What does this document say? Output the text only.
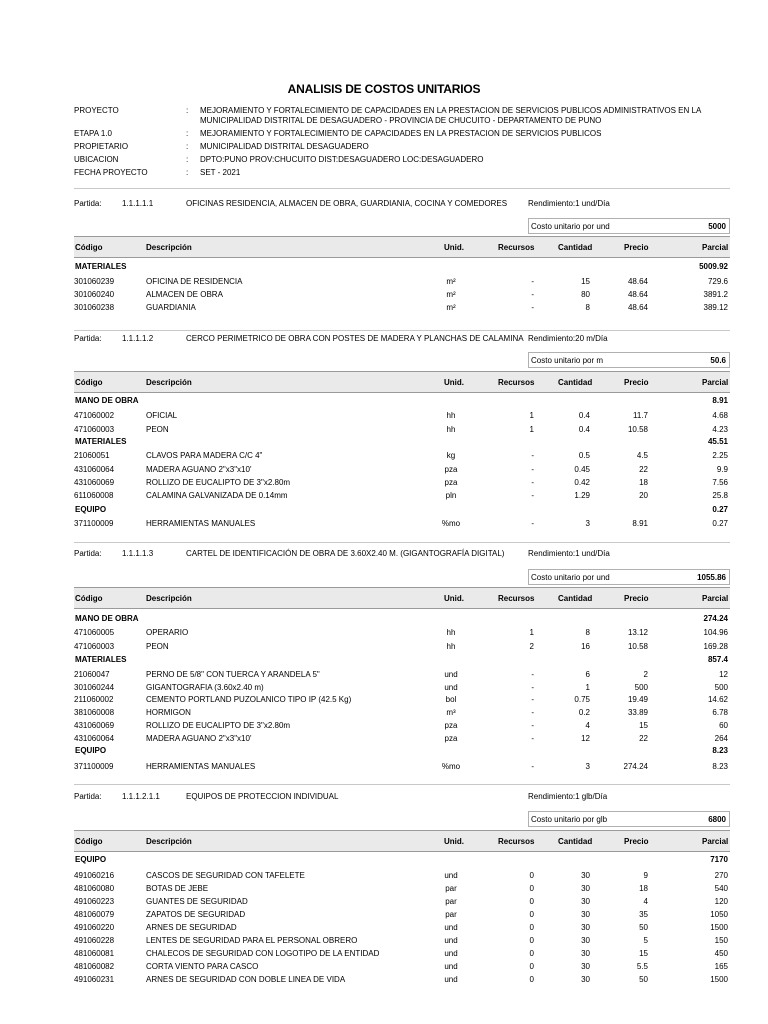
ANALISIS DE COSTOS UNITARIOS
PROYECTO	:	MEJORAMIENTO Y FORTALECIMIENTO DE CAPACIDADES EN LA PRESTACION DE SERVICIOS PUBLICOS ADMINISTRATIVOS EN LA MUNICIPALIDAD DISTRITAL DE DESAGUADERO - PROVINCIA DE CHUCUITO - DEPARTAMENTO DE PUNO
ETAPA 1.0	:	MEJORAMIENTO Y FORTALECIMIENTO DE CAPACIDADES EN LA PRESTACION DE SERVICIOS PUBLICOS
PROPIETARIO	:	MUNICIPALIDAD DISTRITAL DESAGUADERO
UBICACION	:	DPTO:PUNO PROV:CHUCUITO DIST:DESAGUADERO LOC:DESAGUADERO
FECHA PROYECTO	:	SET - 2021
Partida:	1.1.1.1.1	OFICINAS RESIDENCIA, ALMACEN DE OBRA, GUARDIANIA, COCINA Y COMEDORES	Rendimiento:1 und/Día
Costo unitario por und	5000
Código	Descripción	Unid.	Recursos	Cantidad	Precio	Parcial
MATERIALES	5009.92
301060239	OFICINA DE RESIDENCIA	m²	-	15	48.64	729.6
301060240	ALMACEN DE OBRA	m²	-	80	48.64	3891.2
301060238	GUARDIANIA	m²	-	8	48.64	389.12
Partida:	1.1.1.1.2	CERCO PERIMETRICO DE OBRA CON POSTES DE MADERA Y PLANCHAS DE CALAMINA Rendimiento:20 m/Día
Costo unitario por m	50.6
Código	Descripción	Unid.	Recursos	Cantidad	Precio	Parcial
MANO DE OBRA	8.91
471060002	OFICIAL	hh	1	0.4	11.7	4.68
471060003	PEON	hh	1	0.4	10.58	4.23
MATERIALES	45.51
21060051	CLAVOS PARA MADERA C/C 4"	kg	-	0.5	4.5	2.25
431060064	MADERA AGUANO 2"x3"x10'	pza	-	0.45	22	9.9
431060069	ROLLIZO DE EUCALIPTO DE 3"x2.80m	pza	-	0.42	18	7.56
611060008	CALAMINA GALVANIZADA DE 0.14mm	pln	-	1.29	20	25.8
EQUIPO	0.27
371100009	HERRAMIENTAS MANUALES	%mo	-	3	8.91	0.27
Partida:	1.1.1.1.3	CARTEL DE IDENTIFICACIÓN DE OBRA DE 3.60X2.40 M. (GIGANTOGRAFÍA DIGITAL)	Rendimiento:1 und/Día
Costo unitario por und	1055.86
Código	Descripción	Unid.	Recursos	Cantidad	Precio	Parcial
MANO DE OBRA	274.24
471060005	OPERARIO	hh	1	8	13.12	104.96
471060003	PEON	hh	2	16	10.58	169.28
MATERIALES	857.4
21060047	PERNO DE 5/8" CON TUERCA Y ARANDELA 5"	und	-	6	2	12
301060244	GIGANTOGRAFIA (3.60x2.40 m)	und	-	1	500	500
211060002	CEMENTO PORTLAND PUZOLANICO TIPO IP (42.5 Kg)	bol	-	0.75	19.49	14.62
381060008	HORMIGON	m³	-	0.2	33.89	6.78
431060069	ROLLIZO DE EUCALIPTO DE 3"x2.80m	pza	-	4	15	60
431060064	MADERA AGUANO 2"x3"x10'	pza	-	12	22	264
EQUIPO	8.23
371100009	HERRAMIENTAS MANUALES	%mo	-	3	274.24	8.23
Partida:	1.1.1.2.1.1	EQUIPOS DE PROTECCION INDIVIDUAL	Rendimiento:1 glb/Día
Costo unitario por glb	6800
Código	Descripción	Unid.	Recursos	Cantidad	Precio	Parcial
EQUIPO	7170
491060216	CASCOS DE SEGURIDAD CON TAFELETE	und	0	30	9	270
481060080	BOTAS DE JEBE	par	0	30	18	540
491060223	GUANTES DE SEGURIDAD	par	0	30	4	120
481060079	ZAPATOS DE SEGURIDAD	par	0	30	35	1050
491060220	ARNES DE SEGURIDAD	und	0	30	50	1500
491060228	LENTES DE SEGURIDAD PARA EL PERSONAL OBRERO	und	0	30	5	150
481060081	CHALECOS DE SEGURIDAD CON LOGOTIPO DE LA ENTIDAD	und	0	30	15	450
481060082	CORTA VIENTO PARA CASCO	und	0	30	5.5	165
491060231	ARNES DE SEGURIDAD CON DOBLE LINEA DE VIDA	und	0	30	50	1500
